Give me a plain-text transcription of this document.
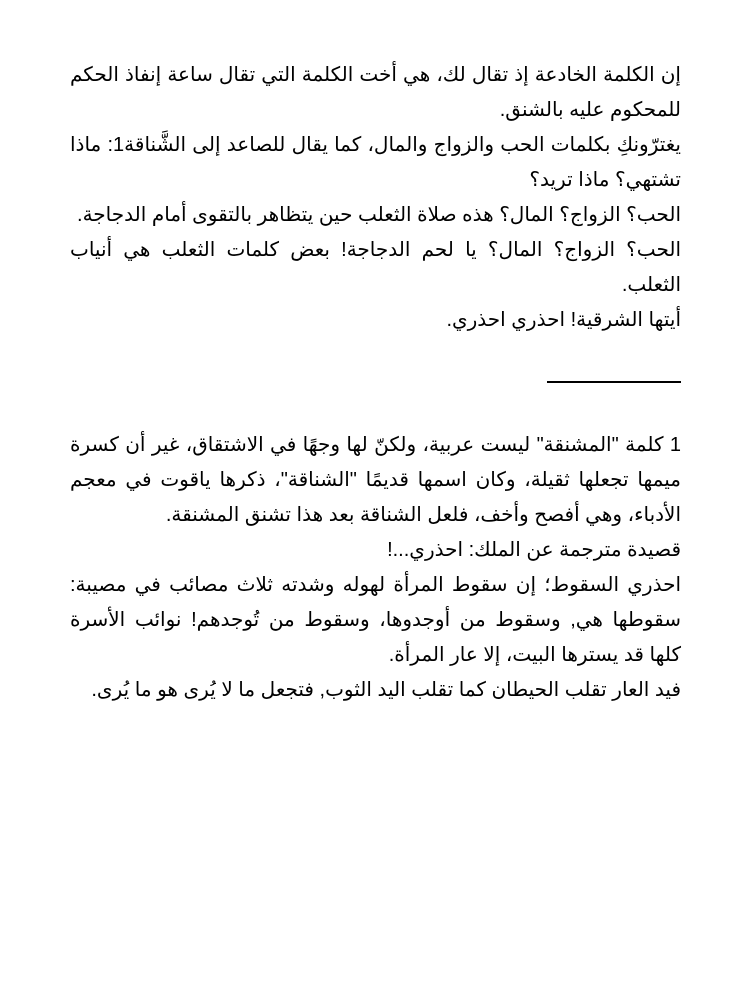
إن الكلمة الخادعة إذ تقال لك، هي أخت الكلمة التي تقال ساعة إنفاذ الحكم للمحكوم عليه بالشنق.

يغترّونكِ بكلمات الحب والزواج والمال، كما يقال للصاعد إلى الشَّناقة1: ماذا تشتهي؟ ماذا تريد؟

الحب؟ الزواج؟ المال؟ هذه صلاة الثعلب حين يتظاهر بالتقوى أمام الدجاجة.

الحب؟ الزواج؟ المال؟ يا لحم الدجاجة! بعض كلمات الثعلب هي أنياب الثعلب.

أيتها الشرقية! احذري احذري.

1 كلمة "المشنقة" ليست عربية، ولكنّ لها وجهًا في الاشتقاق، غير أن كسرة ميمها تجعلها ثقيلة، وكان اسمها قديمًا "الشناقة"، ذكرها ياقوت في معجم الأدباء، وهي أفصح وأخف، فلعل الشناقة بعد هذا تشنق المشنقة.

قصيدة مترجمة عن الملك: احذري...!

احذري السقوط؛ إن سقوط المرأة لهوله وشدته ثلاث مصائب في مصيبة: سقوطها هي, وسقوط من أوجدوها، وسقوط من تُوجدهم! نوائب الأسرة كلها قد يسترها البيت، إلا عار المرأة.

فيد العار تقلب الحيطان كما تقلب اليد الثوب, فتجعل ما لا يُرى هو ما يُرى.
